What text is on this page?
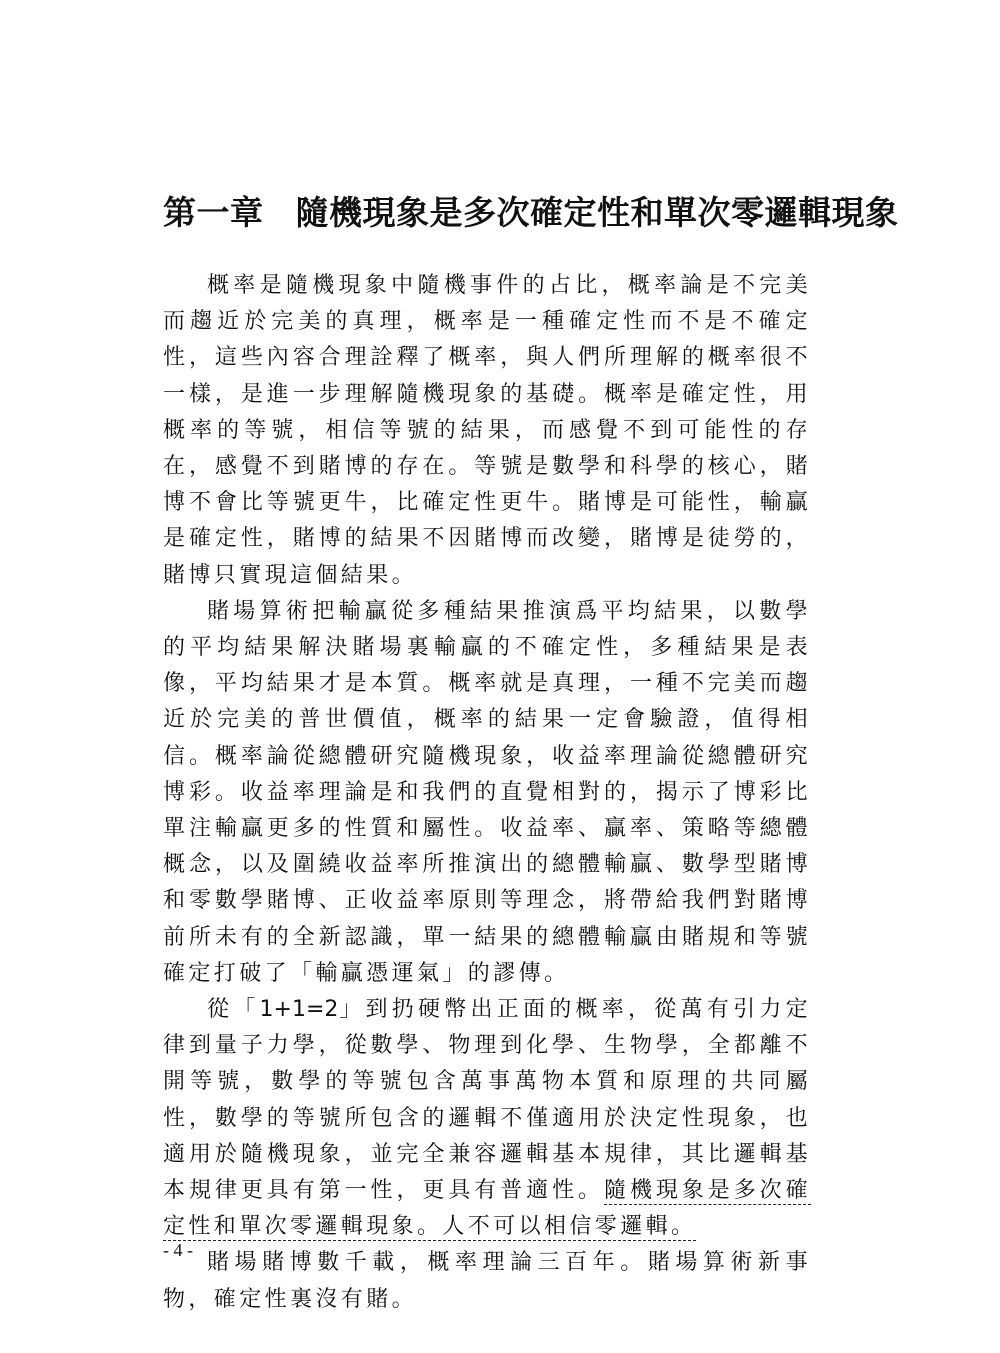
第一章 隨機現象是多次確定性和單次零邏輯現象

概率是隨機現象中隨機事件的占比，概率論是不完美而趨近於完美的真理，概率是一種確定性而不是不確定性，這些內容合理詮釋了概率，與人們所理解的概率很不一樣，是進一步理解隨機現象的基礎。概率是確定性，用概率的等號，相信等號的結果，而感覺不到可能性的存在，感覺不到賭博的存在。等號是數學和科學的核心，賭博不會比等號更牛，比確定性更牛。賭博是可能性，輸贏是確定性，賭博的結果不因賭博而改變，賭博是徒勞的，賭博只實現這個結果。

賭場算術把輸贏從多種結果推演爲平均結果，以數學的平均結果解決賭場裏輸贏的不確定性，多種結果是表像，平均結果才是本質。概率就是真理，一種不完美而趨近於完美的普世價值，概率的結果一定會驗證，值得相信。概率論從總體研究隨機現象，收益率理論從總體研究博彩。收益率理論是和我們的直覺相對的，揭示了博彩比單注輸贏更多的性質和屬性。收益率、贏率、策略等總體概念，以及圍繞收益率所推演出的總體輸贏、數學型賭博和零數學賭博、正收益率原則等理念，將帶給我們對賭博前所未有的全新認識，單一結果的總體輸贏由賭規和等號確定打破了「輸贏憑運氣」的謬傳。

從「1+1=2」到扔硬幣出正面的概率，從萬有引力定律到量子力學，從數學、物理到化學、生物學，全都離不開等號，數學的等號包含萬事萬物本質和原理的共同屬性，數學的等號所包含的邏輯不僅適用於決定性現象，也適用於隨機現象，並完全兼容邏輯基本規律，其比邏輯基本規律更具有第一性，更具有普適性。隨機現象是多次確定性和單次零邏輯現象。人不可以相信零邏輯。

賭場賭博數千載，概率理論三百年。賭場算術新事物，確定性裏沒有賭。

- 4 -
